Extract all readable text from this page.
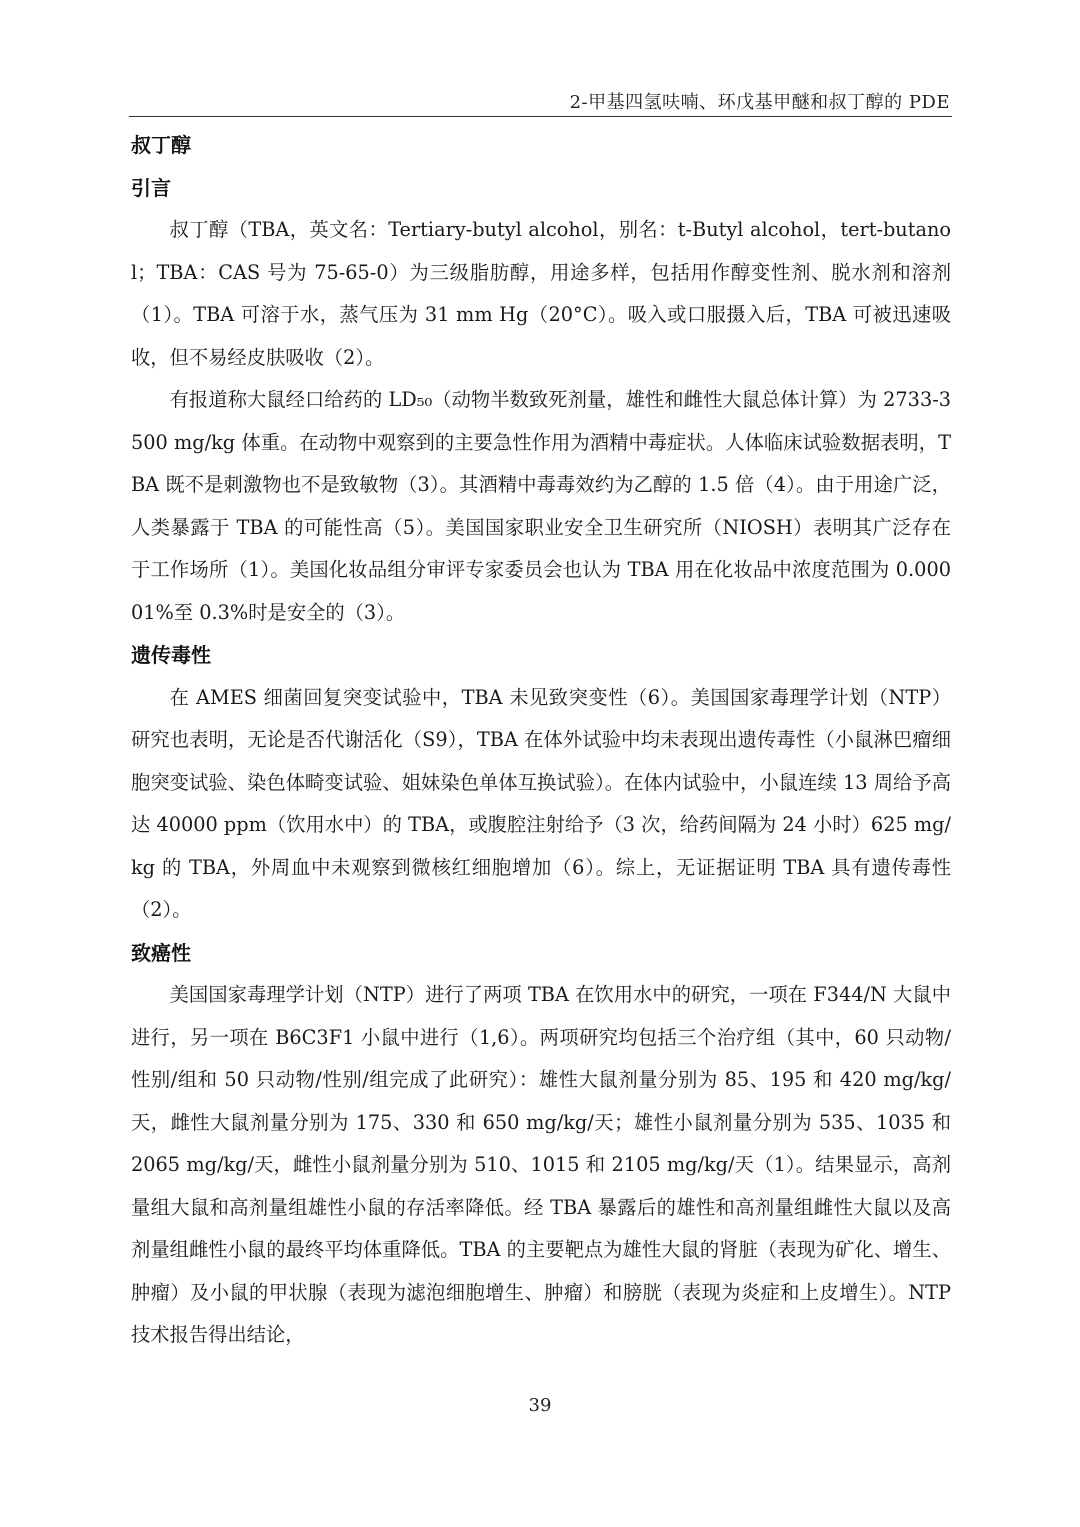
2-甲基四氢呋喃、环戊基甲醚和叔丁醇的 PDE
叔丁醇
引言

叔丁醇（TBA，英文名：Tertiary-butyl alcohol，别名：t-Butyl alcohol，tert-butanol；TBA：CAS 号为 75-65-0）为三级脂肪醇，用途多样，包括用作醇变性剂、脱水剂和溶剂（1）。TBA 可溶于水，蒸气压为 31 mm Hg（20°C）。吸入或口服摄入后，TBA 可被迅速吸收，但不易经皮肤吸收（2）。

有报道称大鼠经口给药的 LD₅₀（动物半数致死剂量，雄性和雌性大鼠总体计算）为 2733-3500 mg/kg 体重。在动物中观察到的主要急性作用为酒精中毒症状。人体临床试验数据表明，TBA 既不是刺激物也不是致敏物（3）。其酒精中毒毒效约为乙醇的 1.5 倍（4）。由于用途广泛，人类暴露于 TBA 的可能性高（5）。美国国家职业安全卫生研究所（NIOSH）表明其广泛存在于工作场所（1）。美国化妆品组分审评专家委员会也认为 TBA 用在化妆品中浓度范围为 0.00001%至 0.3%时是安全的（3）。

遗传毒性

在 AMES 细菌回复突变试验中，TBA 未见致突变性（6）。美国国家毒理学计划（NTP）研究也表明，无论是否代谢活化（S9），TBA 在体外试验中均未表现出遗传毒性（小鼠淋巴瘤细胞突变试验、染色体畸变试验、姐妹染色单体互换试验）。在体内试验中，小鼠连续 13 周给予高达 40000 ppm（饮用水中）的 TBA，或腹腔注射给予（3 次，给药间隔为 24 小时）625 mg/kg 的 TBA，外周血中未观察到微核红细胞增加（6）。综上，无证据证明 TBA 具有遗传毒性（2）。

致癌性

美国国家毒理学计划（NTP）进行了两项 TBA 在饮用水中的研究，一项在 F344/N 大鼠中进行，另一项在 B6C3F1 小鼠中进行（1,6）。两项研究均包括三个治疗组（其中，60 只动物/性别/组和 50 只动物/性别/组完成了此研究）：雄性大鼠剂量分别为 85、195 和 420 mg/kg/天，雌性大鼠剂量分别为 175、330 和 650 mg/kg/天；雄性小鼠剂量分别为 535、1035 和 2065 mg/kg/天，雌性小鼠剂量分别为 510、1015 和 2105 mg/kg/天（1）。结果显示，高剂量组大鼠和高剂量组雄性小鼠的存活率降低。经 TBA 暴露后的雄性和高剂量组雌性大鼠以及高剂量组雌性小鼠的最终平均体重降低。TBA 的主要靶点为雄性大鼠的肾脏（表现为矿化、增生、肿瘤）及小鼠的甲状腺（表现为滤泡细胞增生、肿瘤）和膀胱（表现为炎症和上皮增生）。NTP 技术报告得出结论，

39
